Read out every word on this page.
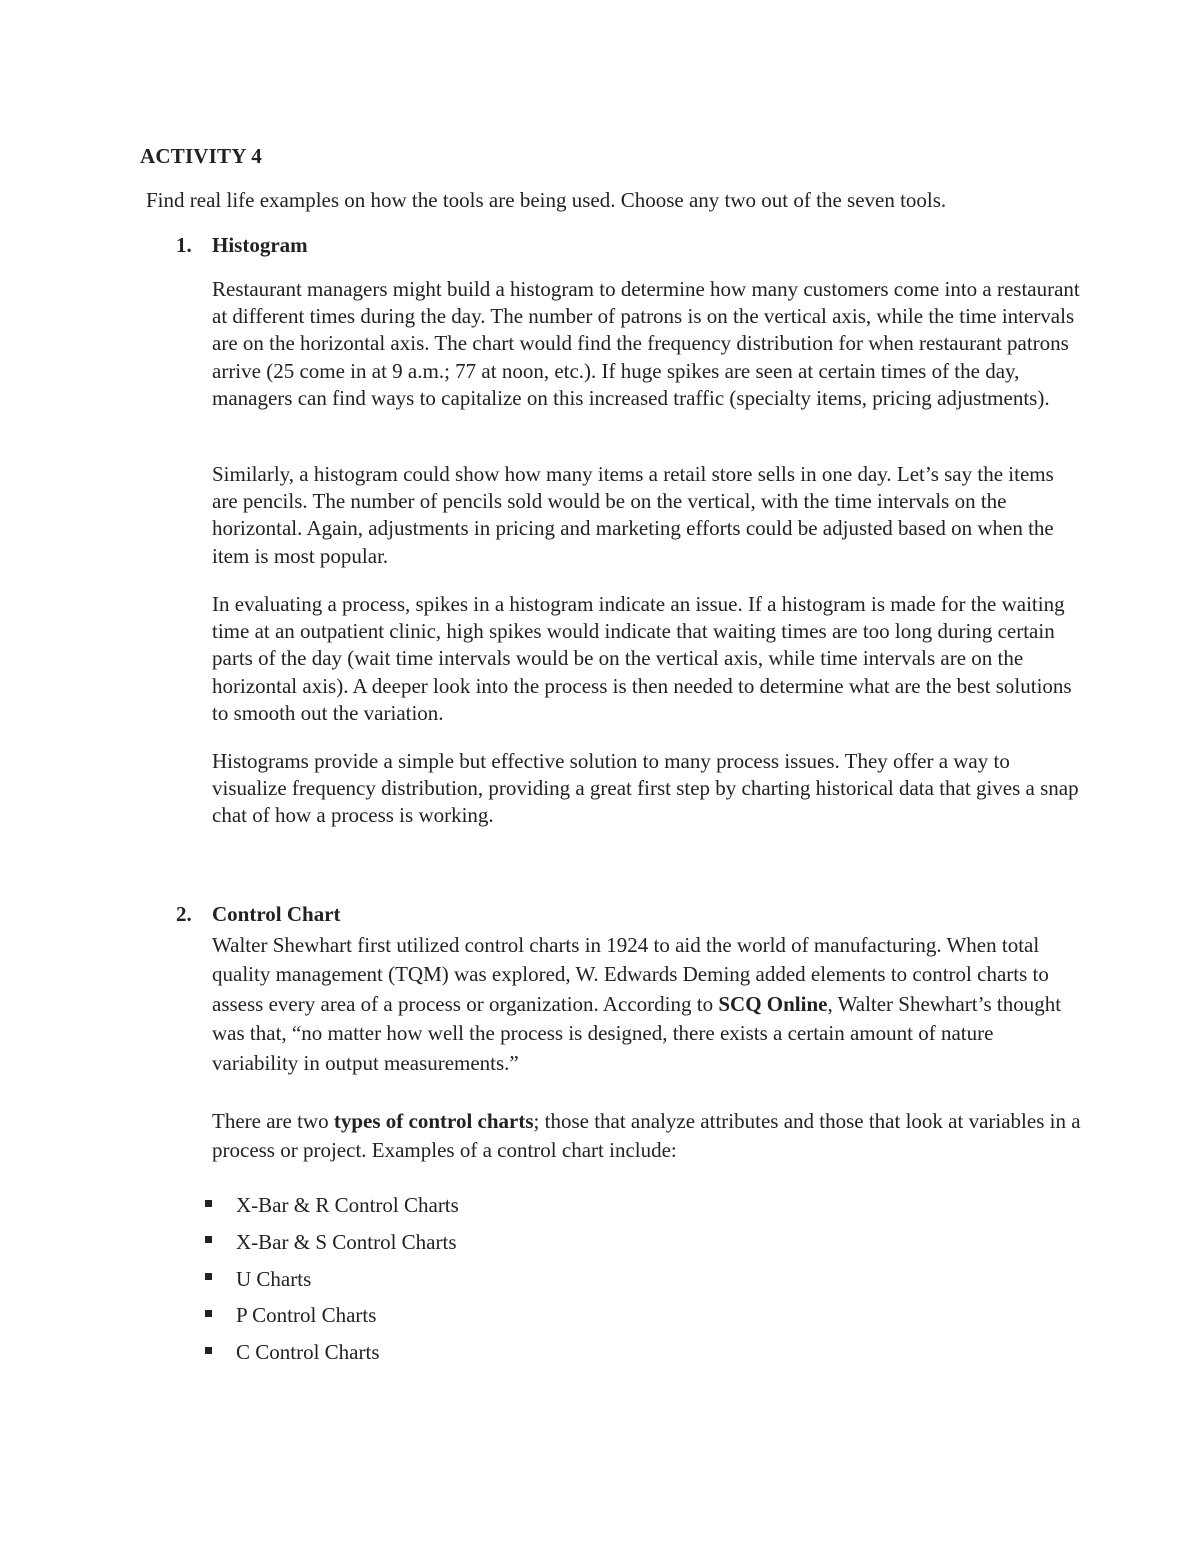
ACTIVITY 4
Find real life examples on how the tools are being used. Choose any two out of the seven tools.
1. Histogram

Restaurant managers might build a histogram to determine how many customers come into a restaurant at different times during the day. The number of patrons is on the vertical axis, while the time intervals are on the horizontal axis. The chart would find the frequency distribution for when restaurant patrons arrive (25 come in at 9 a.m.; 77 at noon, etc.). If huge spikes are seen at certain times of the day, managers can find ways to capitalize on this increased traffic (specialty items, pricing adjustments).

Similarly, a histogram could show how many items a retail store sells in one day. Let’s say the items are pencils. The number of pencils sold would be on the vertical, with the time intervals on the horizontal. Again, adjustments in pricing and marketing efforts could be adjusted based on when the item is most popular.

In evaluating a process, spikes in a histogram indicate an issue. If a histogram is made for the waiting time at an outpatient clinic, high spikes would indicate that waiting times are too long during certain parts of the day (wait time intervals would be on the vertical axis, while time intervals are on the horizontal axis). A deeper look into the process is then needed to determine what are the best solutions to smooth out the variation.

Histograms provide a simple but effective solution to many process issues. They offer a way to visualize frequency distribution, providing a great first step by charting historical data that gives a snap chat of how a process is working.

2. Control Chart

Walter Shewhart first utilized control charts in 1924 to aid the world of manufacturing. When total quality management (TQM) was explored, W. Edwards Deming added elements to control charts to assess every area of a process or organization. According to SCQ Online, Walter Shewhart’s thought was that, “no matter how well the process is designed, there exists a certain amount of nature variability in output measurements.”

There are two types of control charts; those that analyze attributes and those that look at variables in a process or project. Examples of a control chart include:

X-Bar & R Control Charts
X-Bar & S Control Charts
U Charts
P Control Charts
C Control Charts
